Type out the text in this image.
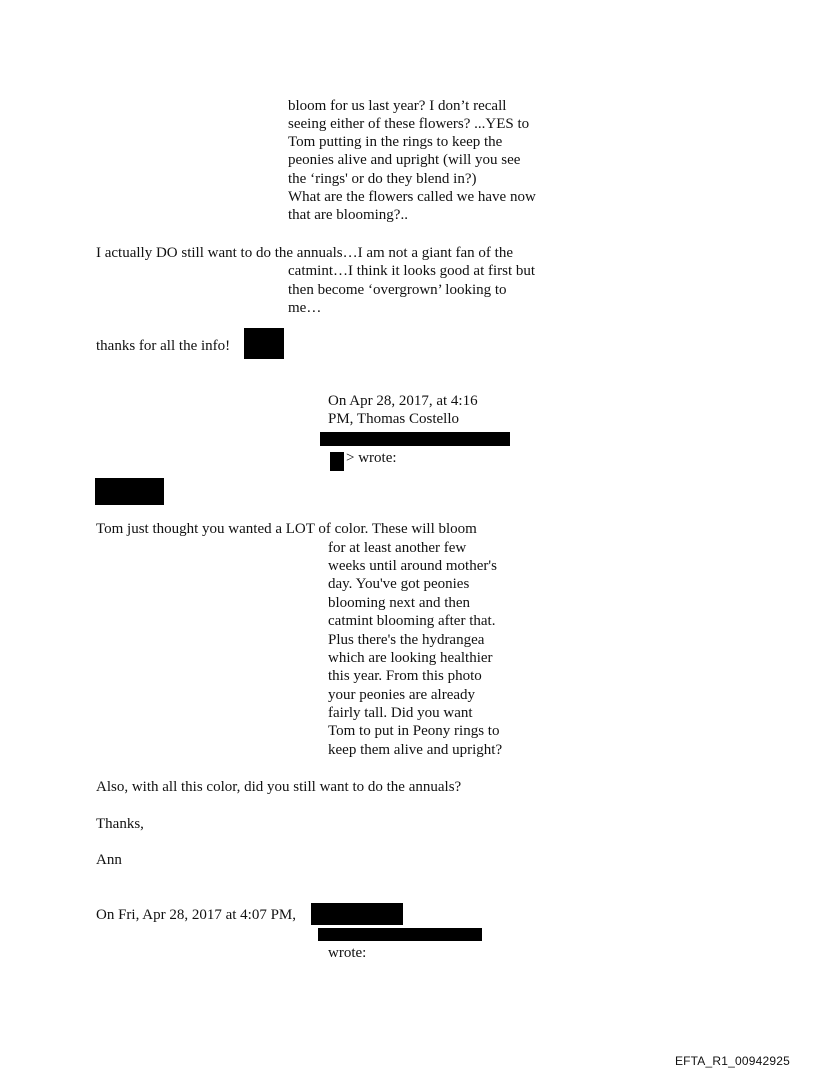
bloom for us last year? I don’t recall
seeing either of these flowers? ...YES to
Tom putting in the rings to keep the
peonies alive and upright (will you see
the ‘rings' or do they blend in?)
What are the flowers called we have now
that are blooming?..
I actually DO still want to do the annuals…I am not a giant fan of the
catmint…I think it looks good at first but
then become ‘overgrown’ looking to
me…
thanks for all the info!
On Apr 28, 2017, at 4:16
PM, Thomas Costello
> wrote:
Tom just thought you wanted a LOT of color. These will bloom
for at least another few
weeks until around mother's
day. You've got peonies
blooming next and then
catmint blooming after that.
Plus there's the hydrangea
which are looking healthier
this year. From this photo
your peonies are already
fairly tall. Did you want
Tom to put in Peony rings to
keep them alive and upright?
Also, with all this color, did you still want to do the annuals?
Thanks,
Ann
On Fri, Apr 28, 2017 at 4:07 PM,
wrote:
EFTA_R1_00942925
